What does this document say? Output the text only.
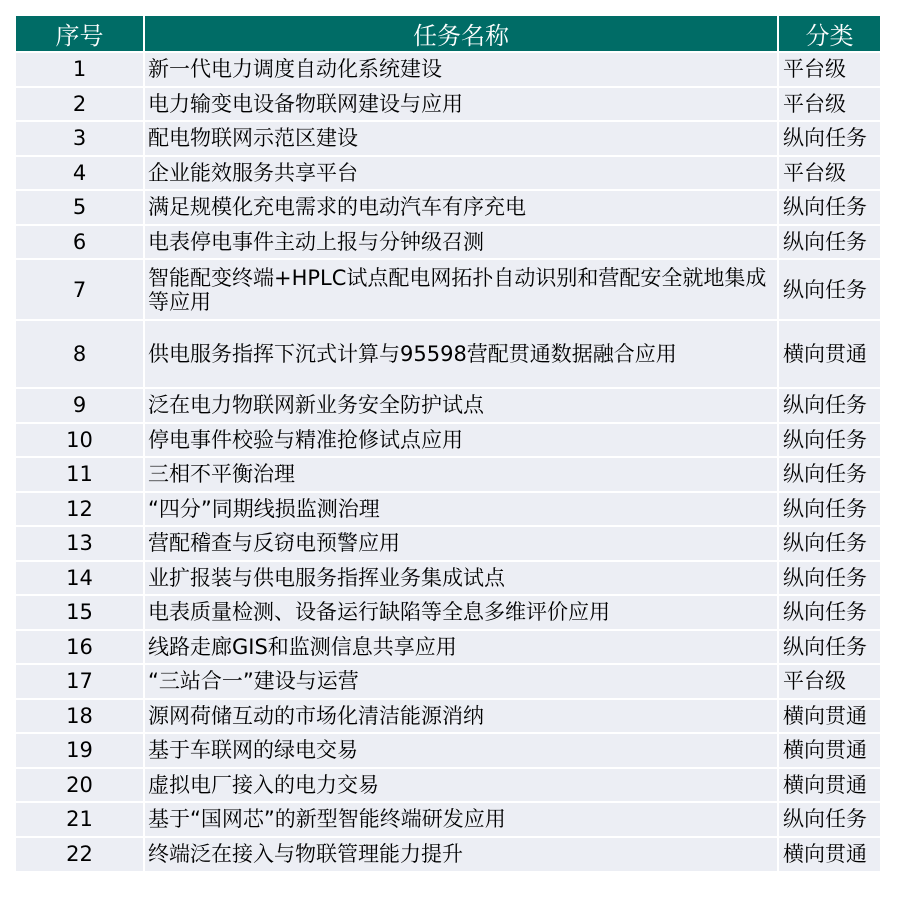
序号	任务名称	分类
1	新一代电力调度自动化系统建设	平台级
2	电力输变电设备物联网建设与应用	平台级
3	配电物联网示范区建设	纵向任务
4	企业能效服务共享平台	平台级
5	满足规模化充电需求的电动汽车有序充电	纵向任务
6	电表停电事件主动上报与分钟级召测	纵向任务
7	智能配变终端+HPLC试点配电网拓扑自动识别和营配安全就地集成等应用	纵向任务
8	供电服务指挥下沉式计算与95598营配贯通数据融合应用	横向贯通
9	泛在电力物联网新业务安全防护试点	纵向任务
10	停电事件校验与精准抢修试点应用	纵向任务
11	三相不平衡治理	纵向任务
12	“四分”同期线损监测治理	纵向任务
13	营配稽查与反窃电预警应用	纵向任务
14	业扩报装与供电服务指挥业务集成试点	纵向任务
15	电表质量检测、设备运行缺陷等全息多维评价应用	纵向任务
16	线路走廊GIS和监测信息共享应用	纵向任务
17	“三站合一”建设与运营	平台级
18	源网荷储互动的市场化清洁能源消纳	横向贯通
19	基于车联网的绿电交易	横向贯通
20	虚拟电厂接入的电力交易	横向贯通
21	基于“国网芯”的新型智能终端研发应用	纵向任务
22	终端泛在接入与物联管理能力提升	横向贯通
